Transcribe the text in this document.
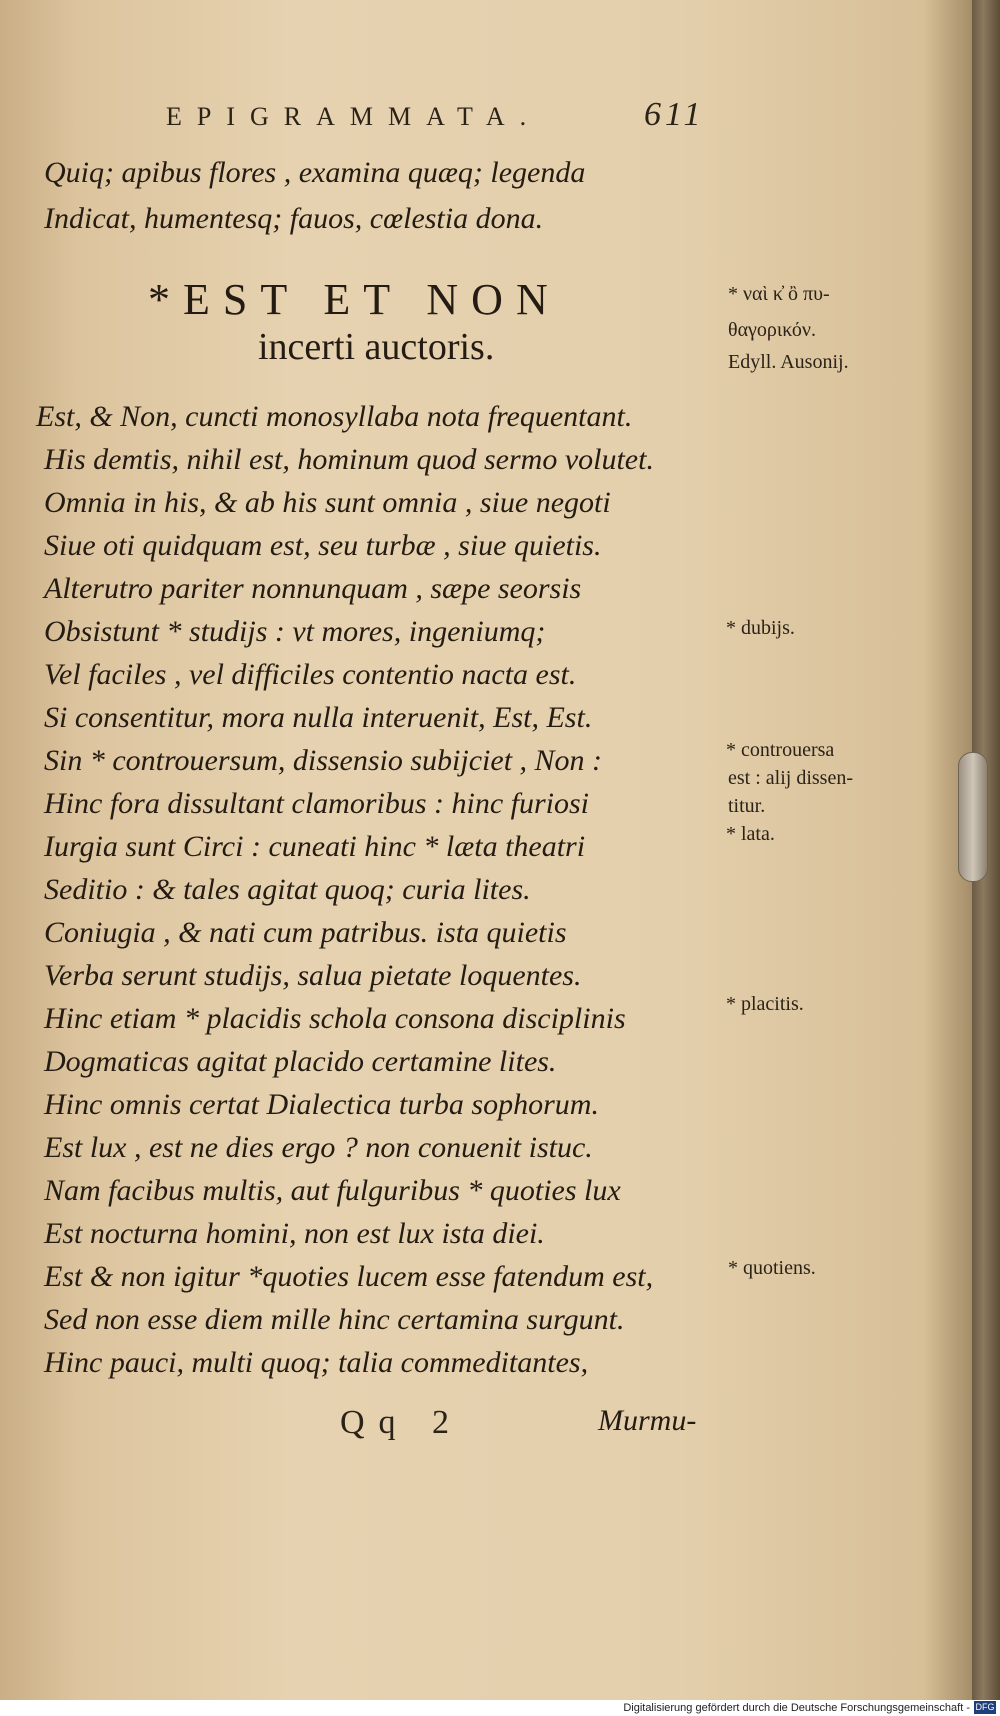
EPIGRAMMATA.	611
Quiq; apibus flores , examina quæq; legenda
Indicat, humentesq; fauos, cœlestia dona.
*EST ET NON
incerti auctoris.
Est, & Non, cuncti monosyllaba nota frequentant.
His demtis, nihil est, hominum quod sermo volutet.
Omnia in his, & ab his sunt omnia , siue negoti
Siue oti quidquam est, seu turbæ , siue quietis.
Alterutro pariter nonnunquam , sæpe seorsis
Obsistunt * studijs : vt mores, ingeniumq;
Vel faciles , vel difficiles contentio nacta est.
Si consentitur, mora nulla interuenit, Est, Est.
Sin * controuersum, dissensio subijciet , Non :
Hinc fora dissultant clamoribus : hinc furiosi
Iurgia sunt Circi : cuneati hinc * læta theatri
Seditio : & tales agitat quoq; curia lites.
Coniugia , & nati cum patribus. ista quietis
Verba serunt studijs, salua pietate loquentes.
Hinc etiam * placidis schola consona disciplinis
Dogmaticas agitat placido certamine lites.
Hinc omnis certat Dialectica turba sophorum.
Est lux , est ne dies ergo ? non conuenit istuc.
Nam facibus multis, aut fulguribus * quoties lux
Est nocturna homini, non est lux ista diei.
Est & non igitur *quoties lucem esse fatendum est,
Sed non esse diem mille hinc certamina surgunt.
* ναὶ κ̓ ὂ πυ-
θαγορικόν.
Edyll. Ausonij.
* dubijs.
* controuersa
est : alij dissen-
titur.
* lata.
* placitis.
* quotiens.
Qq 2	Murmu-
Digitalisierung gefördert durch die Deutsche Forschungsgemeinschaft - DFG
Hinc pauci, multi quoq; talia commeditantes,
